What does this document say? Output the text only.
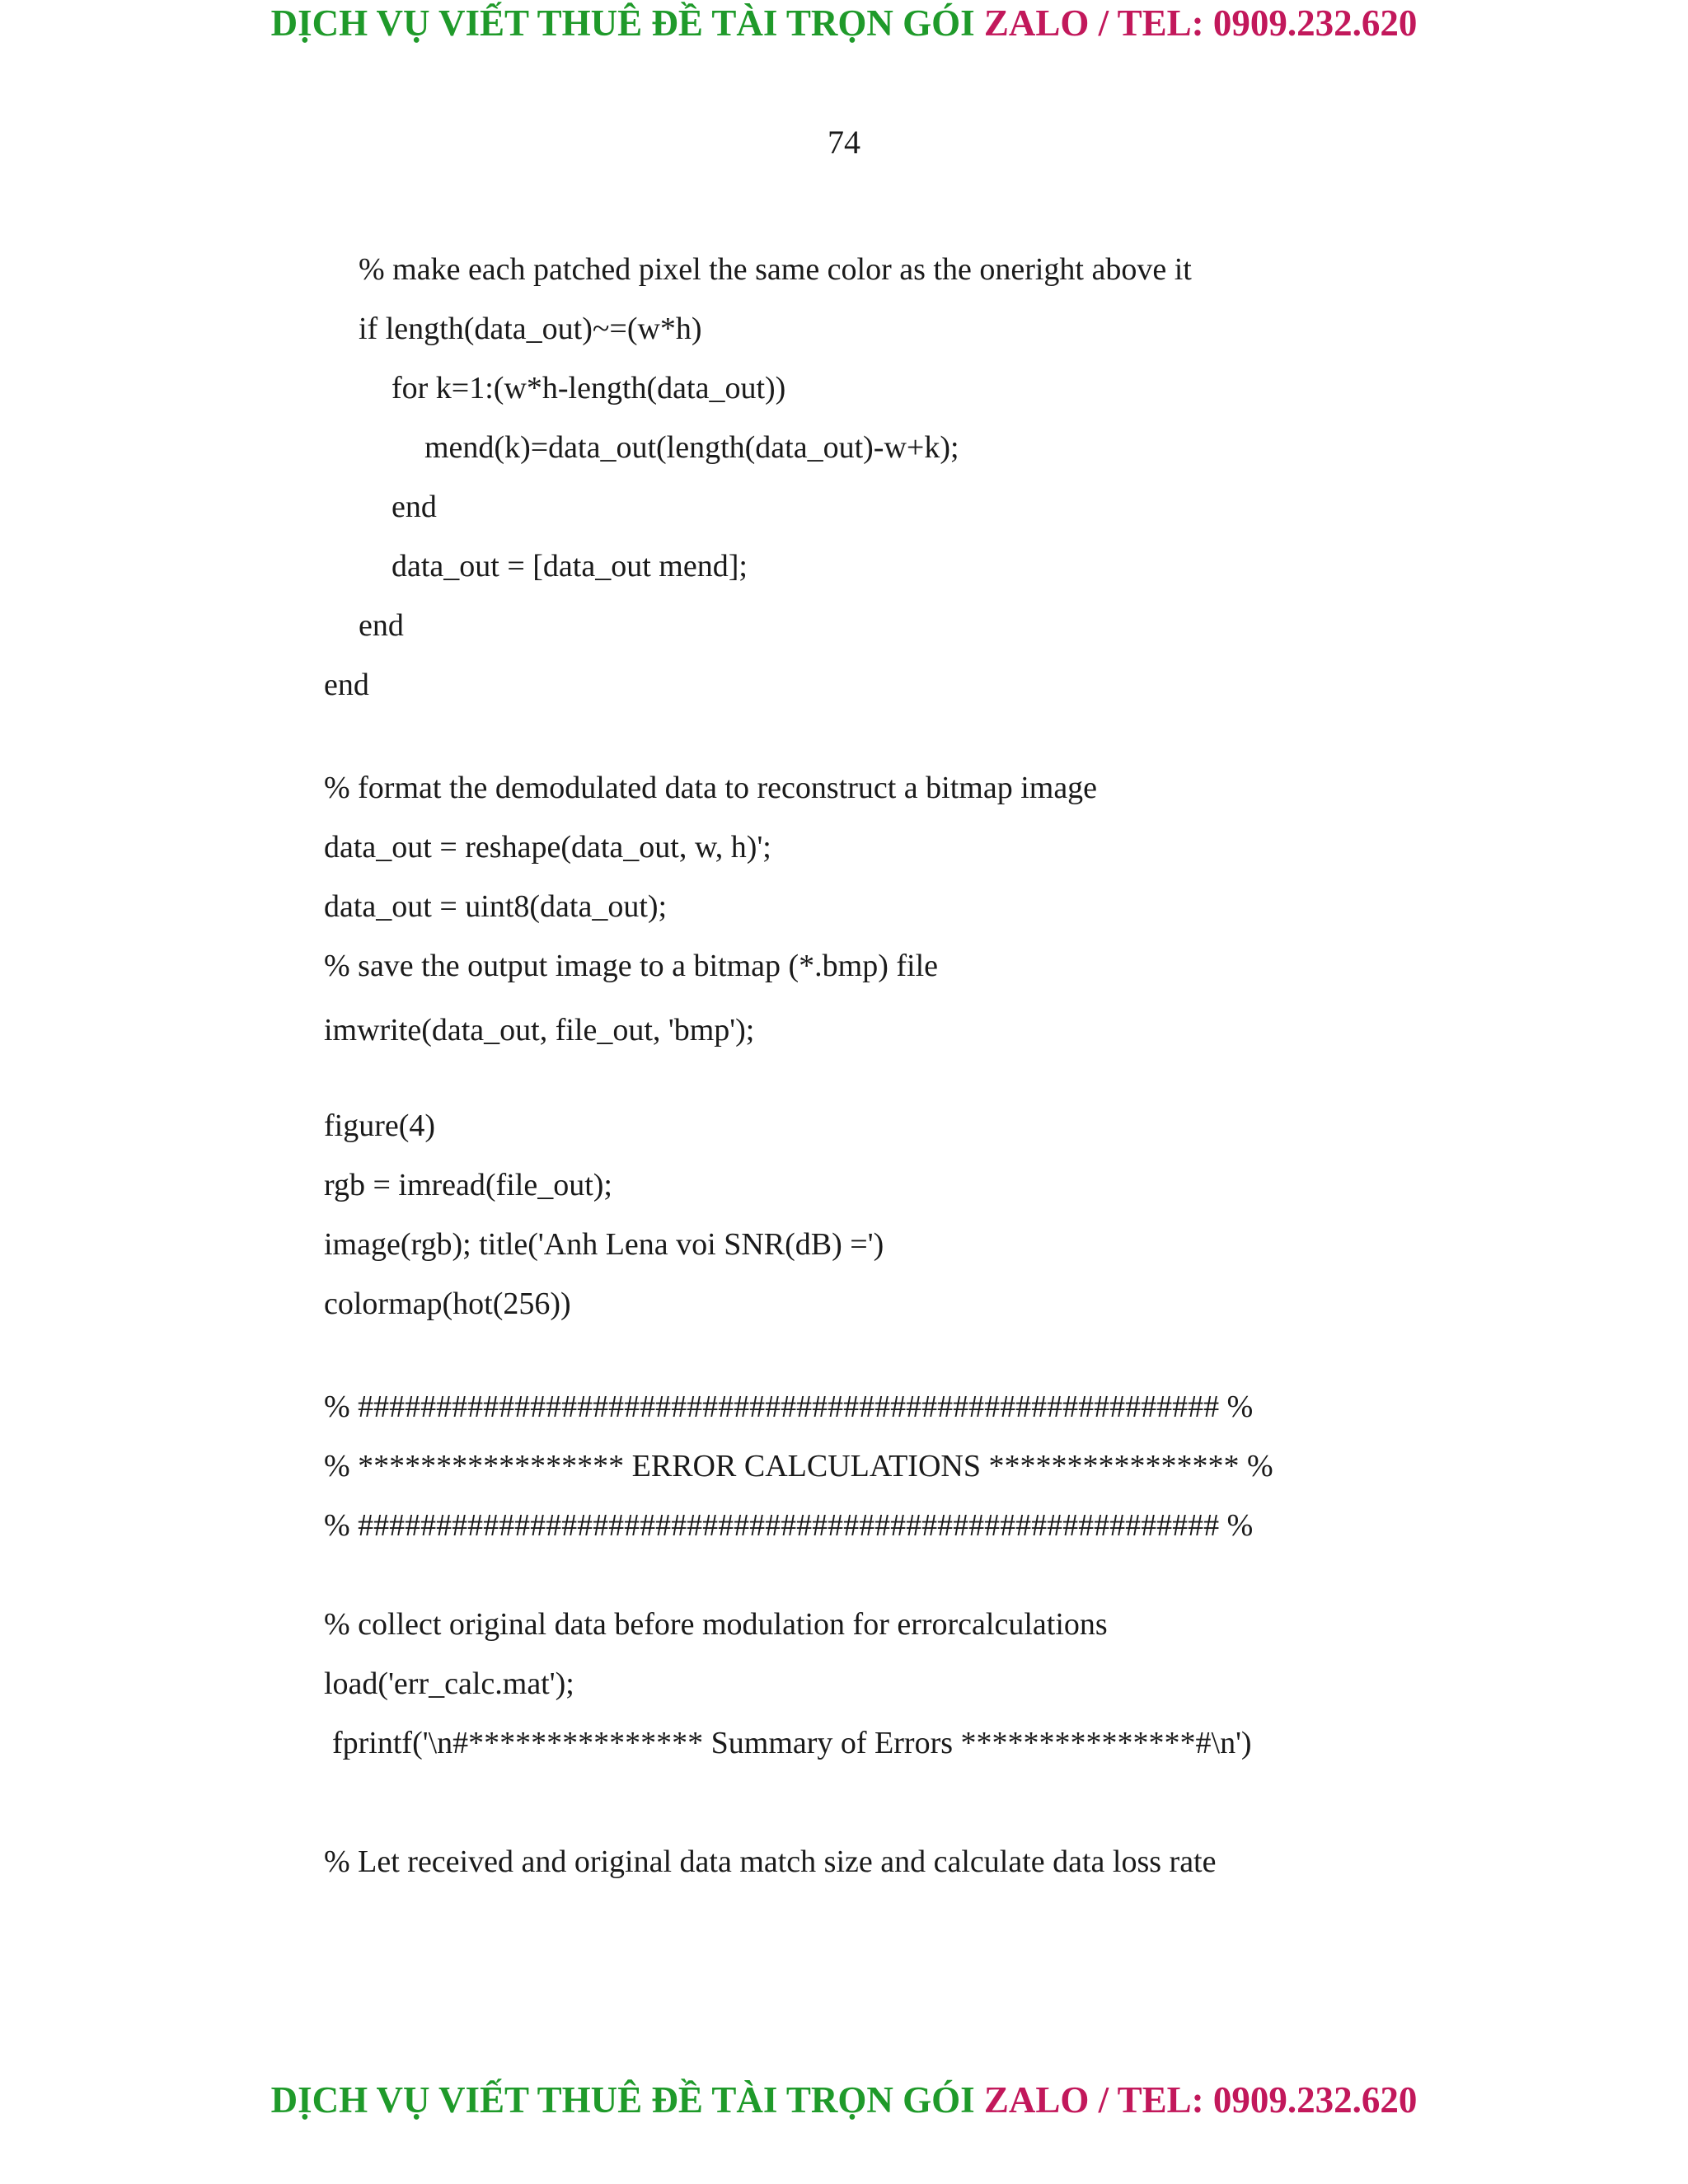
DỊCH VỤ VIẾT THUÊ ĐỀ TÀI TRỌN GÓI ZALO / TEL: 0909.232.620
74
% make each patched pixel the same color as the oneright above it
if length(data_out)~=(w*h)
for k=1:(w*h-length(data_out))
mend(k)=data_out(length(data_out)-w+k);
end
data_out = [data_out mend];
end
end
% format the demodulated data to reconstruct a bitmap image
data_out = reshape(data_out, w, h)';
data_out = uint8(data_out);
% save the output image to a bitmap (*.bmp) file
imwrite(data_out, file_out, 'bmp');
figure(4)
rgb = imread(file_out);
image(rgb); title('Anh Lena voi SNR(dB) =')
colormap(hot(256))
% ####################################################### %
% ***************** ERROR CALCULATIONS **************** %
% ####################################################### %
% collect original data before modulation for errorcalculations
load('err_calc.mat');
fprintf('\n#*************** Summary of Errors ***************#\n')
% Let received and original data match size and calculate data loss rate
DỊCH VỤ VIẾT THUÊ ĐỀ TÀI TRỌN GÓI ZALO / TEL: 0909.232.620
